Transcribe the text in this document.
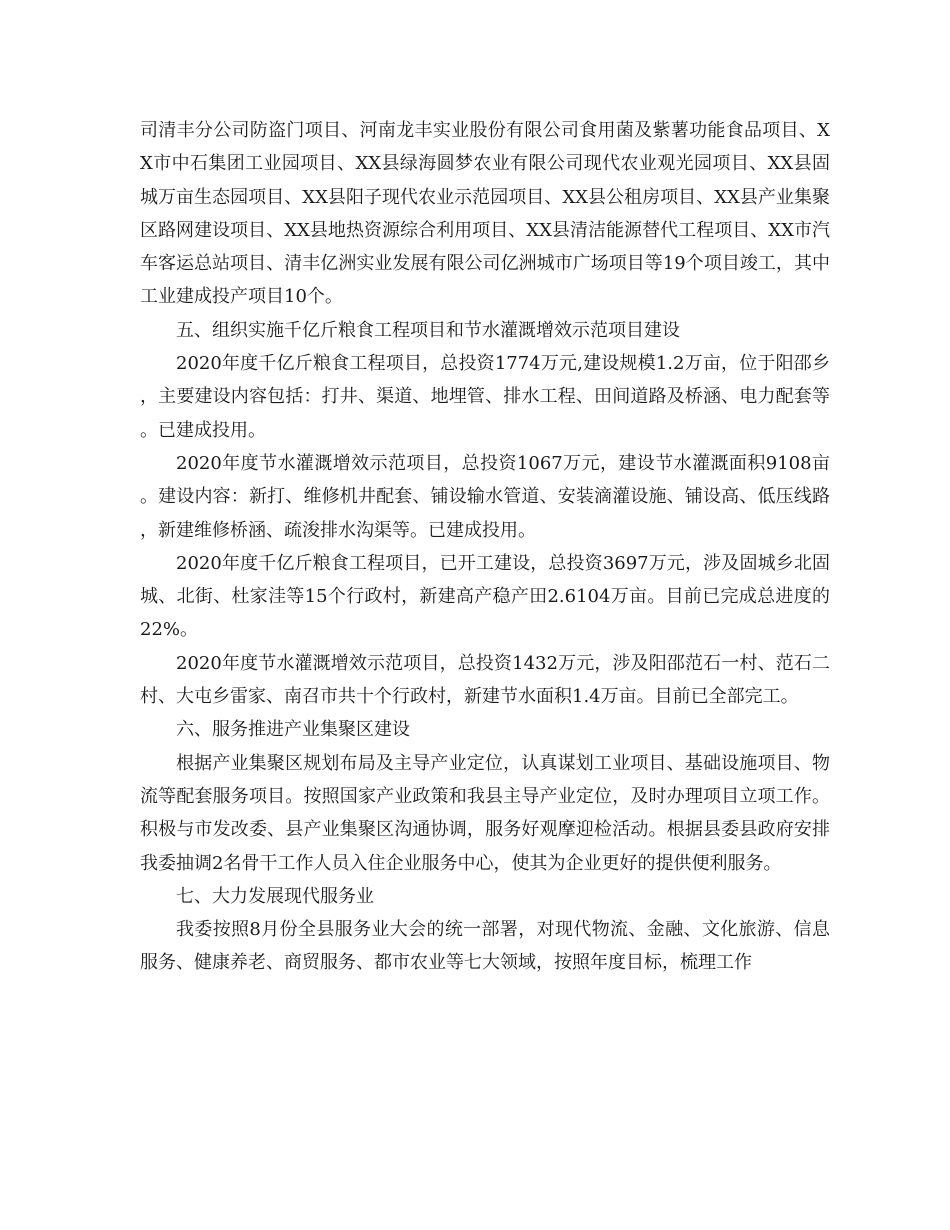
司清丰分公司防盗门项目、河南龙丰实业股份有限公司食用菌及紫薯功能食品项目、XX市中石集团工业园项目、XX县绿海圆梦农业有限公司现代农业观光园项目、XX县固城万亩生态园项目、XX县阳子现代农业示范园项目、XX县公租房项目、XX县产业集聚区路网建设项目、XX县地热资源综合利用项目、XX县清洁能源替代工程项目、XX市汽车客运总站项目、清丰亿洲实业发展有限公司亿洲城市广场项目等19个项目竣工，其中工业建成投产项目10个。

五、组织实施千亿斤粮食工程项目和节水灌溉增效示范项目建设

2020年度千亿斤粮食工程项目，总投资1774万元,建设规模1.2万亩，位于阳邵乡，主要建设内容包括：打井、渠道、地埋管、排水工程、田间道路及桥涵、电力配套等。已建成投用。

2020年度节水灌溉增效示范项目，总投资1067万元，建设节水灌溉面积9108亩。建设内容：新打、维修机井配套、铺设输水管道、安装滴灌设施、铺设高、低压线路，新建维修桥涵、疏浚排水沟渠等。已建成投用。

2020年度千亿斤粮食工程项目，已开工建设，总投资3697万元，涉及固城乡北固城、北街、杜家洼等15个行政村，新建高产稳产田2.6104万亩。目前已完成总进度的22%。

2020年度节水灌溉增效示范项目，总投资1432万元，涉及阳邵范石一村、范石二村、大屯乡雷家、南召市共十个行政村，新建节水面积1.4万亩。目前已全部完工。

六、服务推进产业集聚区建设

根据产业集聚区规划布局及主导产业定位，认真谋划工业项目、基础设施项目、物流等配套服务项目。按照国家产业政策和我县主导产业定位，及时办理项目立项工作。积极与市发改委、县产业集聚区沟通协调，服务好观摩迎检活动。根据县委县政府安排我委抽调2名骨干工作人员入住企业服务中心，使其为企业更好的提供便利服务。

七、大力发展现代服务业

我委按照8月份全县服务业大会的统一部署，对现代物流、金融、文化旅游、信息服务、健康养老、商贸服务、都市农业等七大领域，按照年度目标，梳理工作
